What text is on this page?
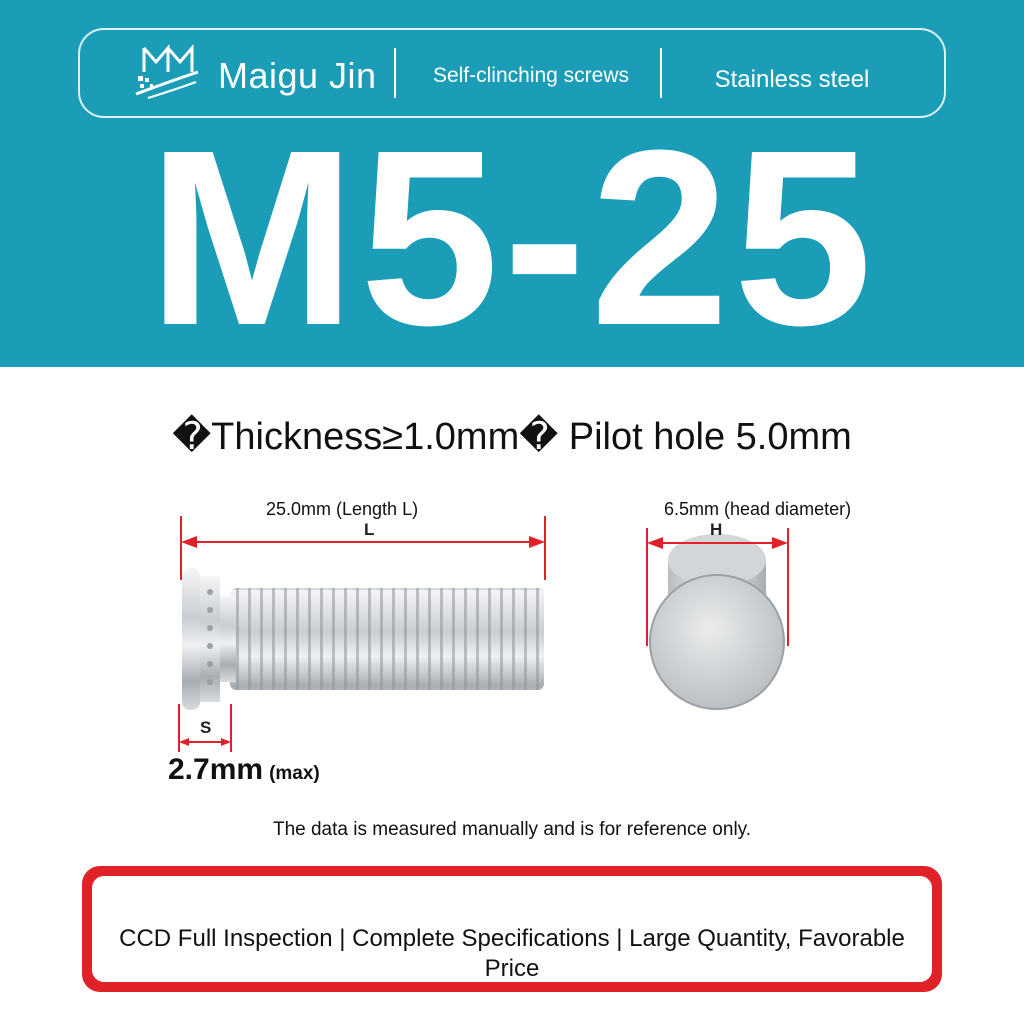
Maigu Jin	Self-clinching screws	Stainless steel
M5-25
�Thickness≥1.0mm� Pilot hole 5.0mm
25.0mm (Length L)
L
6.5mm (head diameter)
H
S
2.7mm (max)
The data is measured manually and is for reference only.
CCD Full Inspection | Complete Specifications | Large Quantity, Favorable Price
